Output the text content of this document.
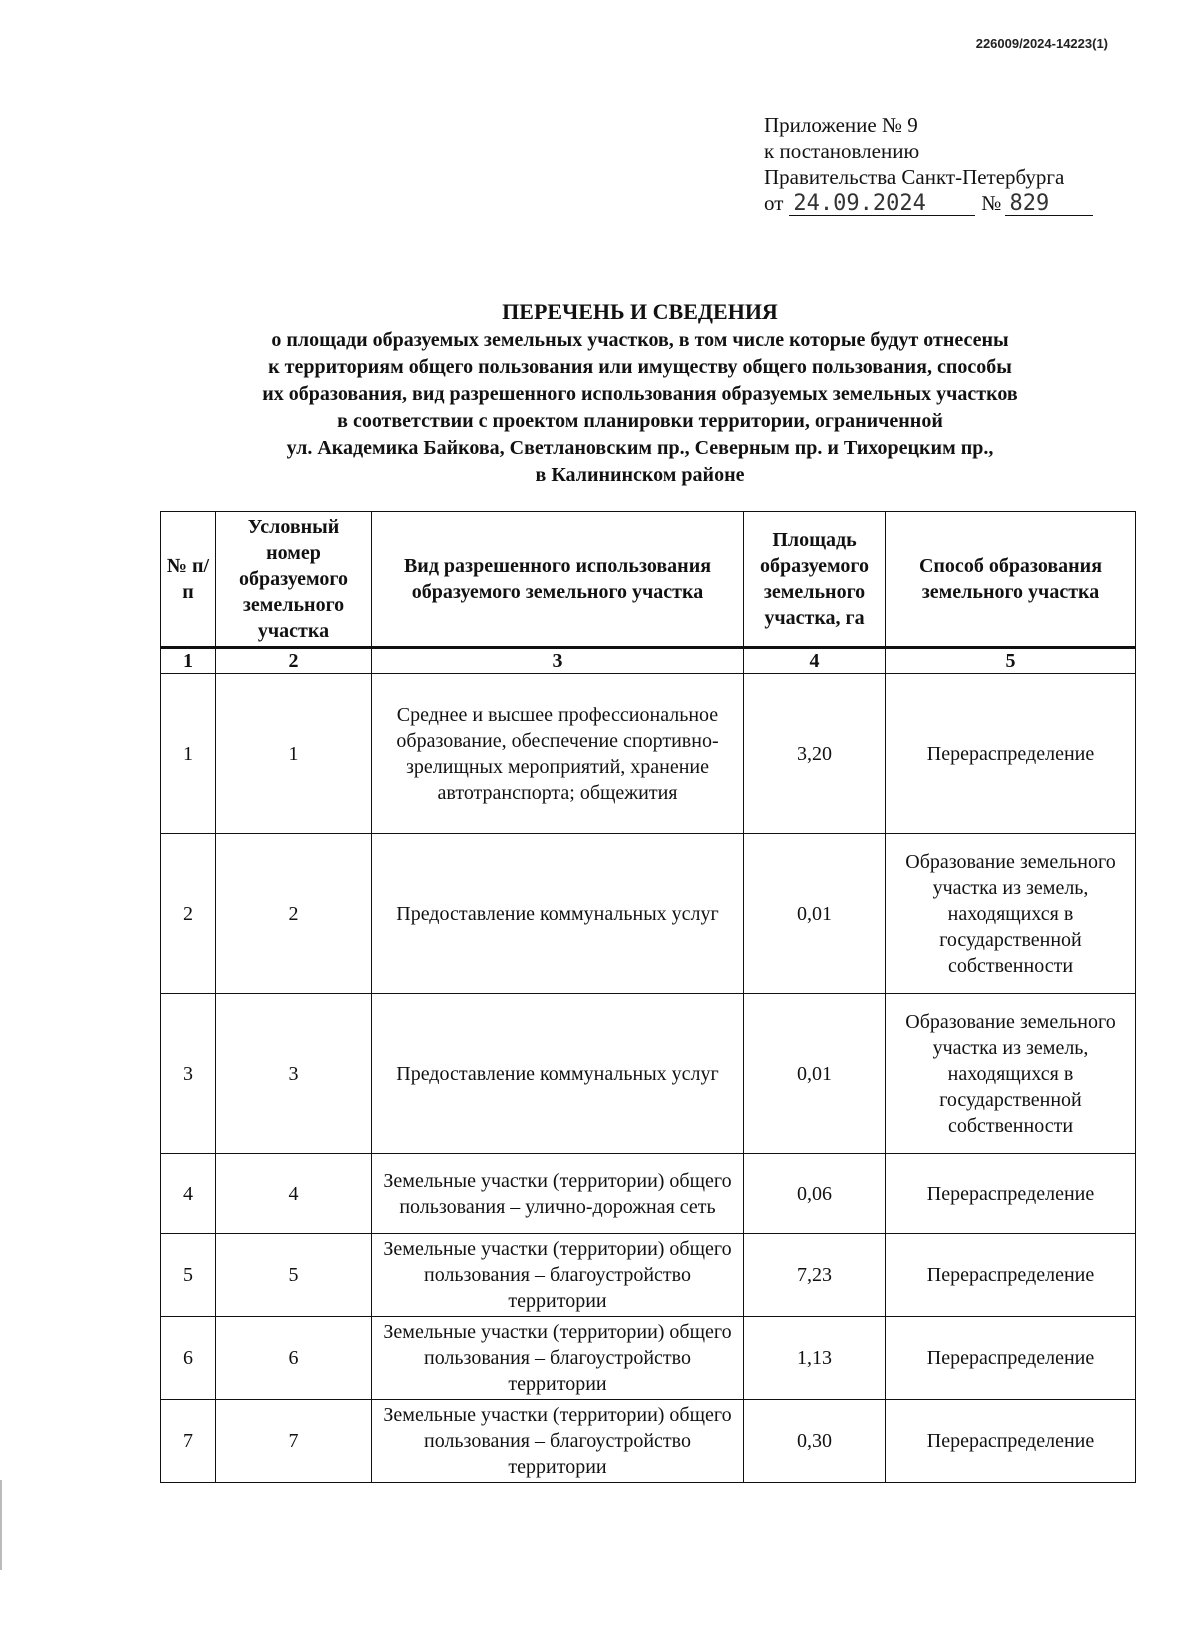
226009/2024-14223(1)
Приложение № 9
к постановлению
Правительства Санкт-Петербурга
от 24.09.2024	№ 829
ПЕРЕЧЕНЬ И СВЕДЕНИЯ
о площади образуемых земельных участков, в том числе которые будут отнесены
к территориям общего пользования или имуществу общего пользования, способы
их образования, вид разрешенного использования образуемых земельных участков
в соответствии с проектом планировки территории, ограниченной
ул. Академика Байкова, Светлановским пр., Северным пр. и Тихорецким пр.,
в Калининском районе
№ п/п	Условный номер образуемого земельного участка	Вид разрешенного использования образуемого земельного участка	Площадь образуемого земельного участка, га	Способ образования земельного участка
1	2	3	4	5
1	1	Среднее и высшее профессиональное образование, обеспечение спортивно-зрелищных мероприятий, хранение автотранспорта; общежития	3,20	Перераспределение
2	2	Предоставление коммунальных услуг	0,01	Образование земельного участка из земель, находящихся в государственной собственности
3	3	Предоставление коммунальных услуг	0,01	Образование земельного участка из земель, находящихся в государственной собственности
4	4	Земельные участки (территории) общего пользования – улично-дорожная сеть	0,06	Перераспределение
5	5	Земельные участки (территории) общего пользования – благоустройство территории	7,23	Перераспределение
6	6	Земельные участки (территории) общего пользования – благоустройство территории	1,13	Перераспределение
7	7	Земельные участки (территории) общего пользования – благоустройство территории	0,30	Перераспределение
